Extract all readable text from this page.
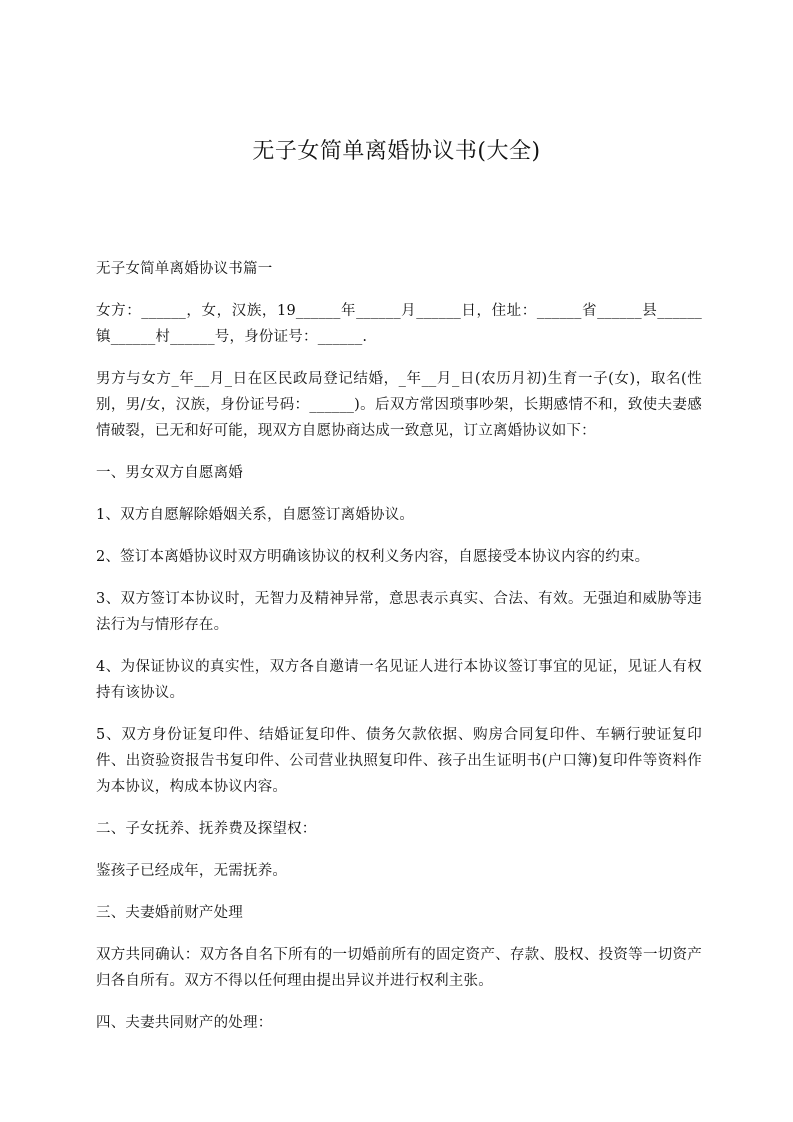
无子女简单离婚协议书(大全)

无子女简单离婚协议书篇一

女方：______，女，汉族，19______年______月______日，住址：______省______县______镇______村______号，身份证号：______.

男方与女方_年__月_日在区民政局登记结婚，_年__月_日(农历月初)生育一子(女)，取名(性别，男/女，汉族，身份证号码：______)。后双方常因琐事吵架，长期感情不和，致使夫妻感情破裂，已无和好可能，现双方自愿协商达成一致意见，订立离婚协议如下：

一、男女双方自愿离婚

1、双方自愿解除婚姻关系，自愿签订离婚协议。

2、签订本离婚协议时双方明确该协议的权利义务内容，自愿接受本协议内容的约束。

3、双方签订本协议时，无智力及精神异常，意思表示真实、合法、有效。无强迫和威胁等违法行为与情形存在。

4、为保证协议的真实性，双方各自邀请一名见证人进行本协议签订事宜的见证，见证人有权持有该协议。

5、双方身份证复印件、结婚证复印件、债务欠款依据、购房合同复印件、车辆行驶证复印件、出资验资报告书复印件、公司营业执照复印件、孩子出生证明书(户口簿)复印件等资料作为本协议，构成本协议内容。

二、子女抚养、抚养费及探望权：

鉴孩子已经成年，无需抚养。

三、夫妻婚前财产处理

双方共同确认：双方各自名下所有的一切婚前所有的固定资产、存款、股权、投资等一切资产归各自所有。双方不得以任何理由提出异议并进行权利主张。

四、夫妻共同财产的处理：
